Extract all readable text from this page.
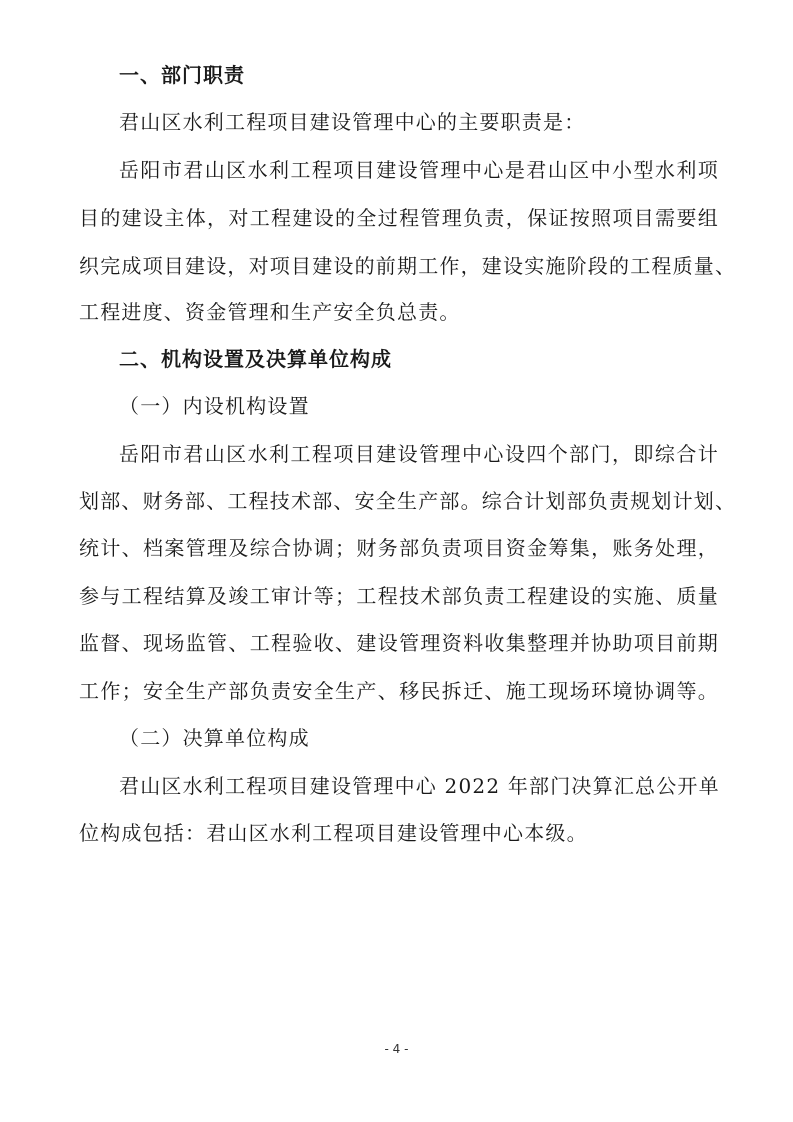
一、部门职责
君山区水利工程项目建设管理中心的主要职责是：
岳阳市君山区水利工程项目建设管理中心是君山区中小型水利项
目的建设主体，对工程建设的全过程管理负责，保证按照项目需要组
织完成项目建设，对项目建设的前期工作，建设实施阶段的工程质量、
工程进度、资金管理和生产安全负总责。
二、机构设置及决算单位构成
（一）内设机构设置
岳阳市君山区水利工程项目建设管理中心设四个部门，即综合计
划部、财务部、工程技术部、安全生产部。综合计划部负责规划计划、
统计、档案管理及综合协调；财务部负责项目资金筹集，账务处理，
参与工程结算及竣工审计等；工程技术部负责工程建设的实施、质量
监督、现场监管、工程验收、建设管理资料收集整理并协助项目前期
工作；安全生产部负责安全生产、移民拆迁、施工现场环境协调等。
（二）决算单位构成
君山区水利工程项目建设管理中心 2022 年部门决算汇总公开单
位构成包括：君山区水利工程项目建设管理中心本级。
- 4 -
